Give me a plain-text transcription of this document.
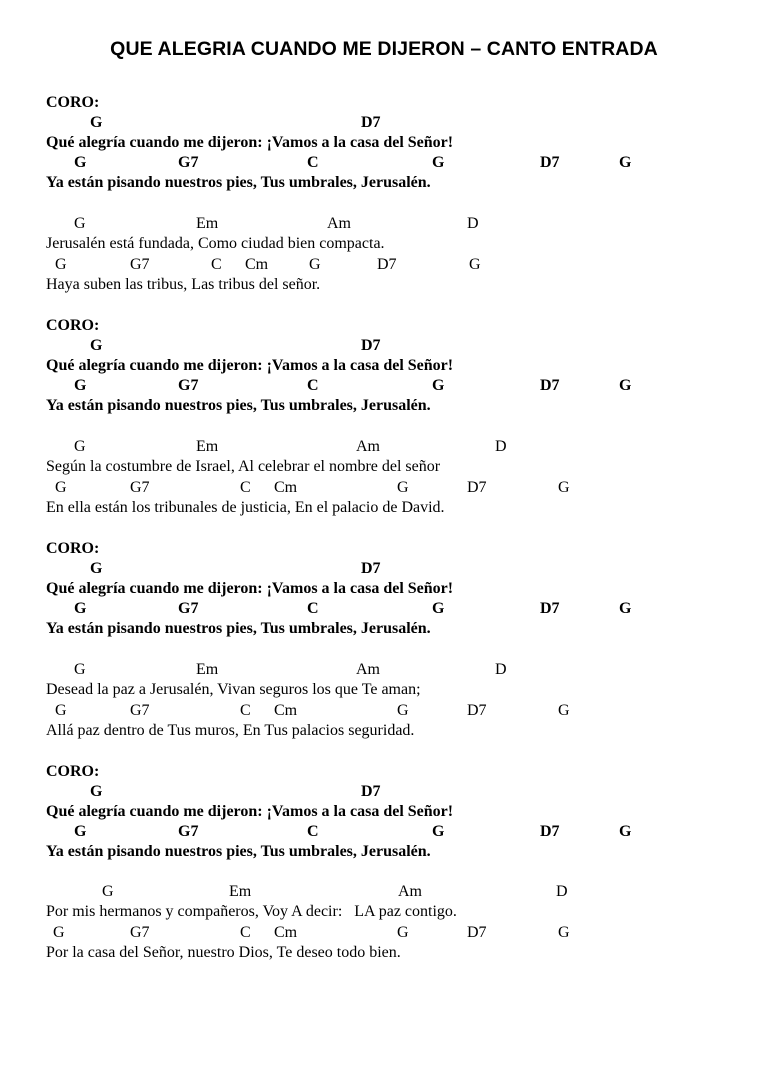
QUE ALEGRIA CUANDO ME DIJERON – CANTO ENTRADA
CORO:

G

	D7

Qué alegría cuando me dijeron: ¡Vamos a la casa del Señor!

G

	G7

	C

	G

	D7

	G

Ya están pisando nuestros pies, Tus umbrales, Jerusalén.

G

	Em

	Am

	D

Jerusalén está fundada, Como ciudad bien compacta.

G

	G7

	C

Cm

	G

	D7

	G

Haya suben las tribus, Las tribus del señor.
CORO:

G

	D7

Qué alegría cuando me dijeron: ¡Vamos a la casa del Señor!

G

	G7

	C

	G

	D7

	G

Ya están pisando nuestros pies, Tus umbrales, Jerusalén.

G

	Em

	Am

	D

Según la costumbre de Israel, Al celebrar el nombre del señor

G

	G7

	C

Cm

	G

	D7

	G

En ella están los tribunales de justicia, En el palacio de David.
CORO:

G

	D7

Qué alegría cuando me dijeron: ¡Vamos a la casa del Señor!

G

	G7

	C

	G

	D7

	G

Ya están pisando nuestros pies, Tus umbrales, Jerusalén.

G

	Em

	Am

	D

Desead la paz a Jerusalén, Vivan seguros los que Te aman;

G

	G7

	C

Cm

	G

	D7

	G

Allá paz dentro de Tus muros, En Tus palacios seguridad.
CORO:

G

	D7

Qué alegría cuando me dijeron: ¡Vamos a la casa del Señor!

G

	G7

	C

	G

	D7

	G

Ya están pisando nuestros pies, Tus umbrales, Jerusalén.

G

	Em

	Am

	D

Por mis hermanos y compañeros, Voy A decir:   LA paz contigo.

G

	G7

	C

Cm

	G

	D7

	G

Por la casa del Señor, nuestro Dios, Te deseo todo bien.
